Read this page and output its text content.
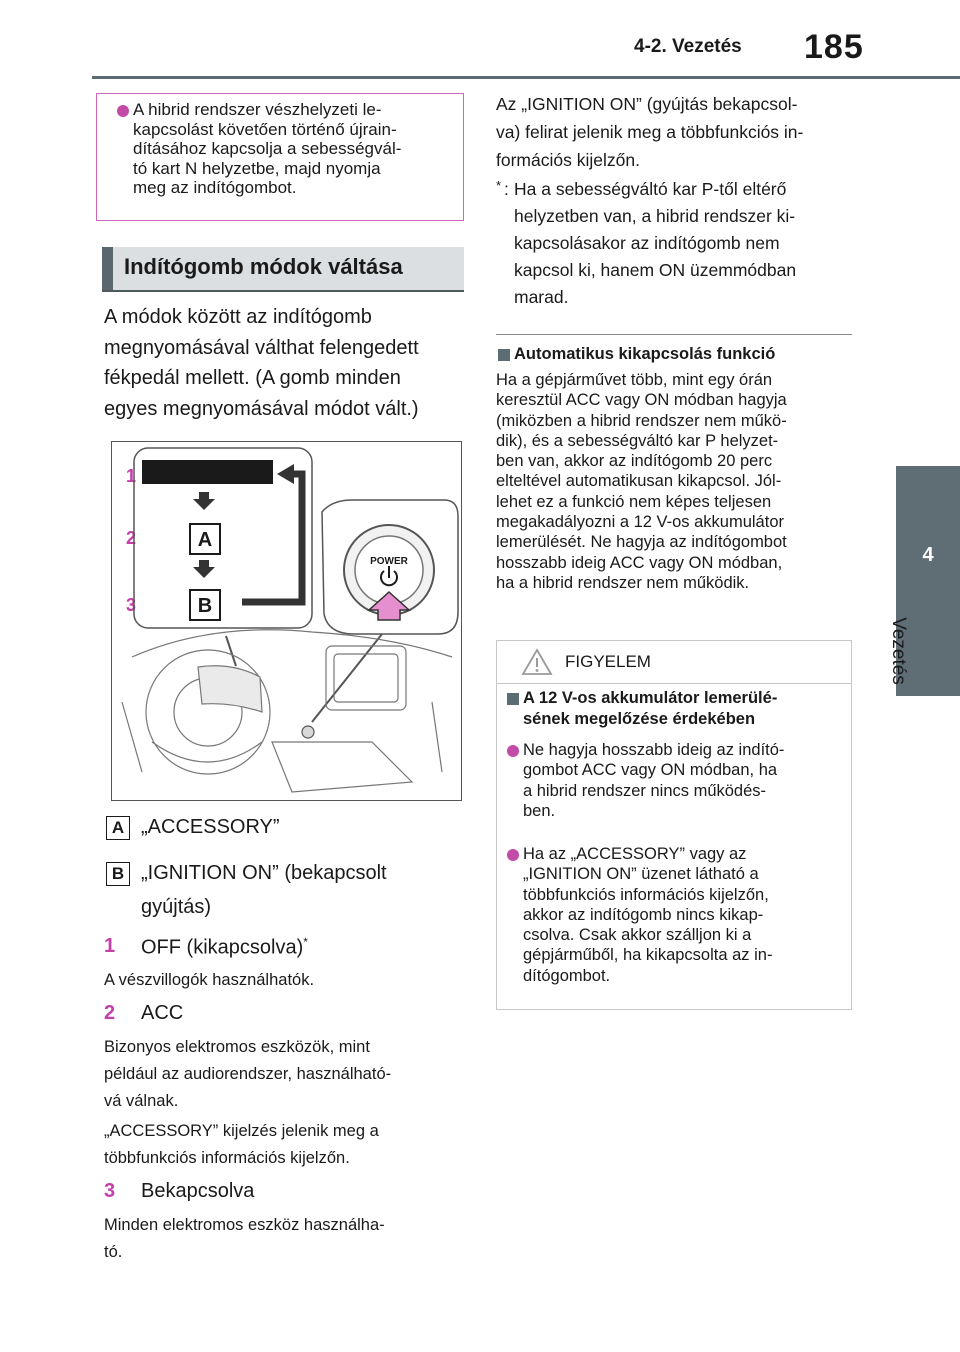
4-2. Vezetés 185
4
Vezetés
A hibrid rendszer vészhelyzeti le-
kapcsolást követően történő újrain-
dításához kapcsolja a sebességvál-
tó kart N helyzetbe, majd nyomja
meg az indítógombot.
Indítógomb módok váltása
A módok között az indítógomb
megnyomásával válthat felengedett
fékpedál mellett. (A gomb minden
egyes megnyomásával módot vált.)
1
2
3
A
B
POWER
A „ACCESSORY”
B „IGNITION ON” (bekapcsolt
gyújtás)
1 OFF (kikapcsolva)*
A vészvillogók használhatók.
2 ACC
Bizonyos elektromos eszközök, mint
például az audiorendszer, használható-
vá válnak.
„ACCESSORY” kijelzés jelenik meg a
többfunkciós információs kijelzőn.
3 Bekapcsolva
Minden elektromos eszköz használha-
tó.
Az „IGNITION ON” (gyújtás bekapcsol-
va) felirat jelenik meg a többfunkciós in-
formációs kijelzőn.
* : Ha a sebességváltó kar P-től eltérő
helyzetben van, a hibrid rendszer ki-
kapcsolásakor az indítógomb nem
kapcsol ki, hanem ON üzemmódban
marad.
Automatikus kikapcsolás funkció
Ha a gépjárművet több, mint egy órán
keresztül ACC vagy ON módban hagyja
(miközben a hibrid rendszer nem műkö-
dik), és a sebességváltó kar P helyzet-
ben van, akkor az indítógomb 20 perc
elteltével automatikusan kikapcsol. Jól-
lehet ez a funkció nem képes teljesen
megakadályozni a 12 V-os akkumulátor
lemerülését. Ne hagyja az indítógombot
hosszabb ideig ACC vagy ON módban,
ha a hibrid rendszer nem működik.
FIGYELEM
A 12 V-os akkumulátor lemerülé-
sének megelőzése érdekében
Ne hagyja hosszabb ideig az indító-
gombot ACC vagy ON módban, ha
a hibrid rendszer nincs működés-
ben.
Ha az „ACCESSORY” vagy az
„IGNITION ON” üzenet látható a
többfunkciós információs kijelzőn,
akkor az indítógomb nincs kikap-
csolva. Csak akkor szálljon ki a
gépjárműből, ha kikapcsolta az in-
dítógombot.
